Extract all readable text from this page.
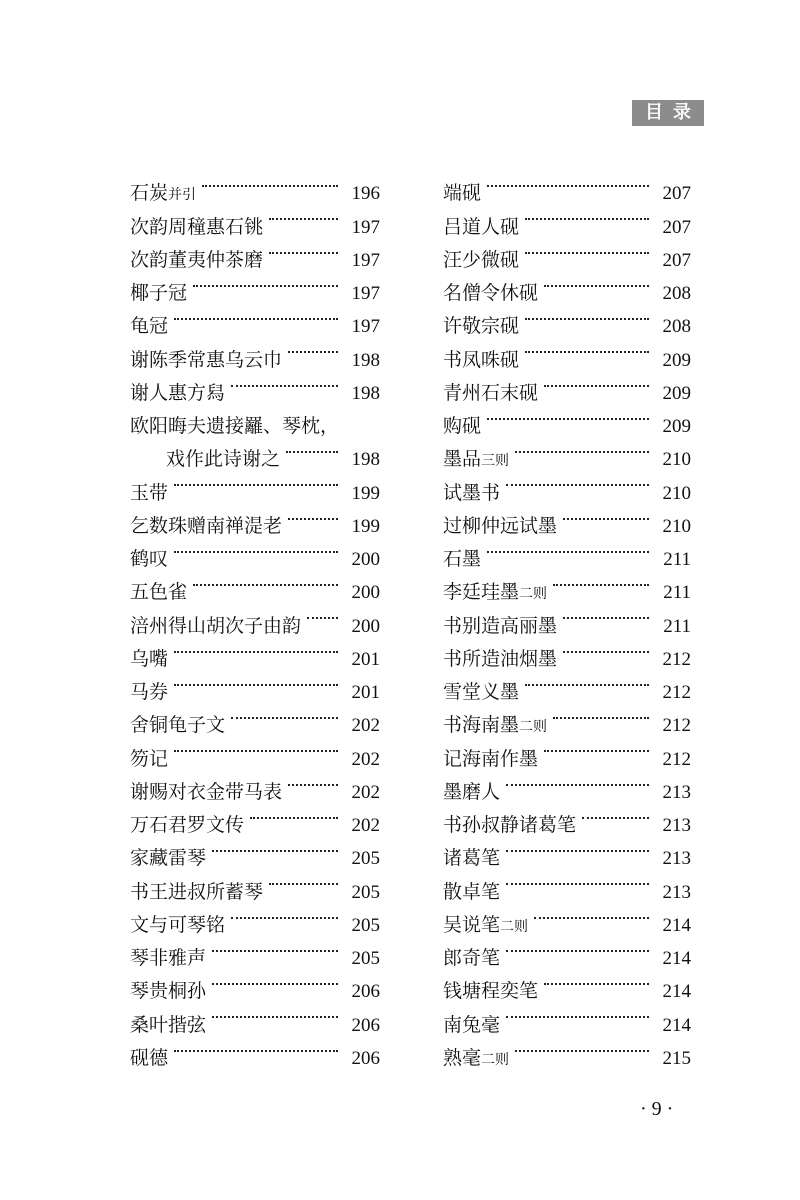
目录
石炭并引	196
次韵周穜惠石铫	197
次韵董夷仲茶磨	197
椰子冠	197
龟冠	197
谢陈季常惠乌云巾	198
谢人惠方舄	198
欧阳晦夫遗接䍦、琴枕，
戏作此诗谢之	198
玉带	199
乞数珠赠南禅湜老	199
鹤叹	200
五色雀	200
涪州得山胡次子由韵	200
乌嘴	201
马券	201
舍铜龟子文	202
笏记	202
谢赐对衣金带马表	202
万石君罗文传	202
家藏雷琴	205
书王进叔所蓄琴	205
文与可琴铭	205
琴非雅声	205
琴贵桐孙	206
桑叶揩弦	206
砚德	206
端砚	207
吕道人砚	207
汪少微砚	207
名僧令休砚	208
许敬宗砚	208
书凤咮砚	209
青州石末砚	209
购砚	209
墨品三则	210
试墨书	210
过柳仲远试墨	210
石墨	211
李廷珪墨二则	211
书别造高丽墨	211
书所造油烟墨	212
雪堂义墨	212
书海南墨二则	212
记海南作墨	212
墨磨人	213
书孙叔静诸葛笔	213
诸葛笔	213
散卓笔	213
吴说笔二则	214
郎奇笔	214
钱塘程奕笔	214
南兔毫	214
熟毫二则	215
· 9 ·
